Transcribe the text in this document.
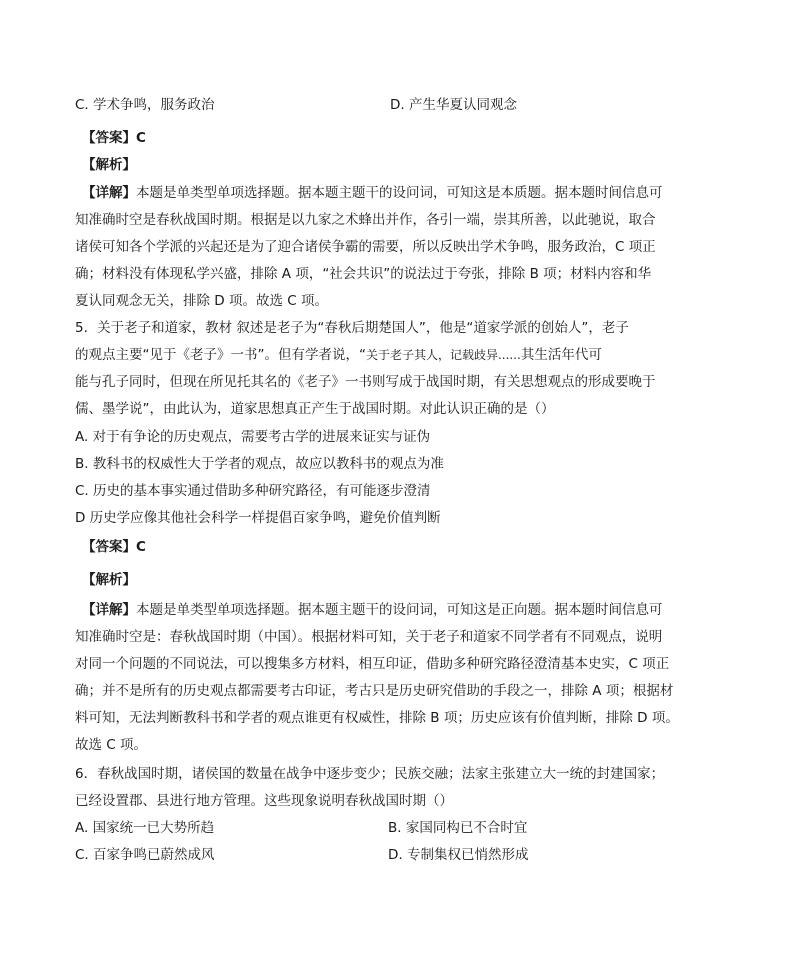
C. 学术争鸣，服务政治	D. 产生华夏认同观念
【答案】C
【解析】
【详解】本题是单类型单项选择题。据本题主题干的设问词，可知这是本质题。据本题时间信息可
知准确时空是春秋战国时期。根据是以九家之术蜂出并作，各引一端，崇其所善，以此驰说，取合
诸侯可知各个学派的兴起还是为了迎合诸侯争霸的需要，所以反映出学术争鸣，服务政治，C 项正
确；材料没有体现私学兴盛，排除 A 项，“社会共识”的说法过于夸张，排除 B 项；材料内容和华
夏认同观念无关，排除 D 项。故选 C 项。
5．关于老子和道家，教材 叙述是老子为“春秋后期楚国人”，他是“道家学派的创始人”，老子
的观点主要“见于《老子》一书”。但有学者说，“关于老子其人，记载歧异......其生活年代可
能与孔子同时，但现在所见托其名的《老子》一书则写成于战国时期，有关思想观点的形成要晚于
儒、墨学说”，由此认为，道家思想真正产生于战国时期。对此认识正确的是（）
A. 对于有争论的历史观点，需要考古学的进展来证实与证伪
B. 教科书的权威性大于学者的观点，故应以教科书的观点为准
C. 历史的基本事实通过借助多种研究路径，有可能逐步澄清
D 历史学应像其他社会科学一样提倡百家争鸣，避免价值判断
【答案】C
【解析】
【详解】本题是单类型单项选择题。据本题主题干的设问词，可知这是正向题。据本题时间信息可
知准确时空是：春秋战国时期（中国）。根据材料可知，关于老子和道家不同学者有不同观点，说明
对同一个问题的不同说法，可以搜集多方材料，相互印证，借助多种研究路径澄清基本史实，C 项正
确；并不是所有的历史观点都需要考古印证，考古只是历史研究借助的手段之一，排除 A 项；根据材
料可知，无法判断教科书和学者的观点谁更有权威性，排除 B 项；历史应该有价值判断，排除 D 项。
故选 C 项。
6．春秋战国时期，诸侯国的数量在战争中逐步变少；民族交融；法家主张建立大一统的封建国家；
已经设置郡、县进行地方管理。这些现象说明春秋战国时期（）
A. 国家统一已大势所趋	B. 家国同构已不合时宜
C. 百家争鸣已蔚然成风	D. 专制集权已悄然形成
